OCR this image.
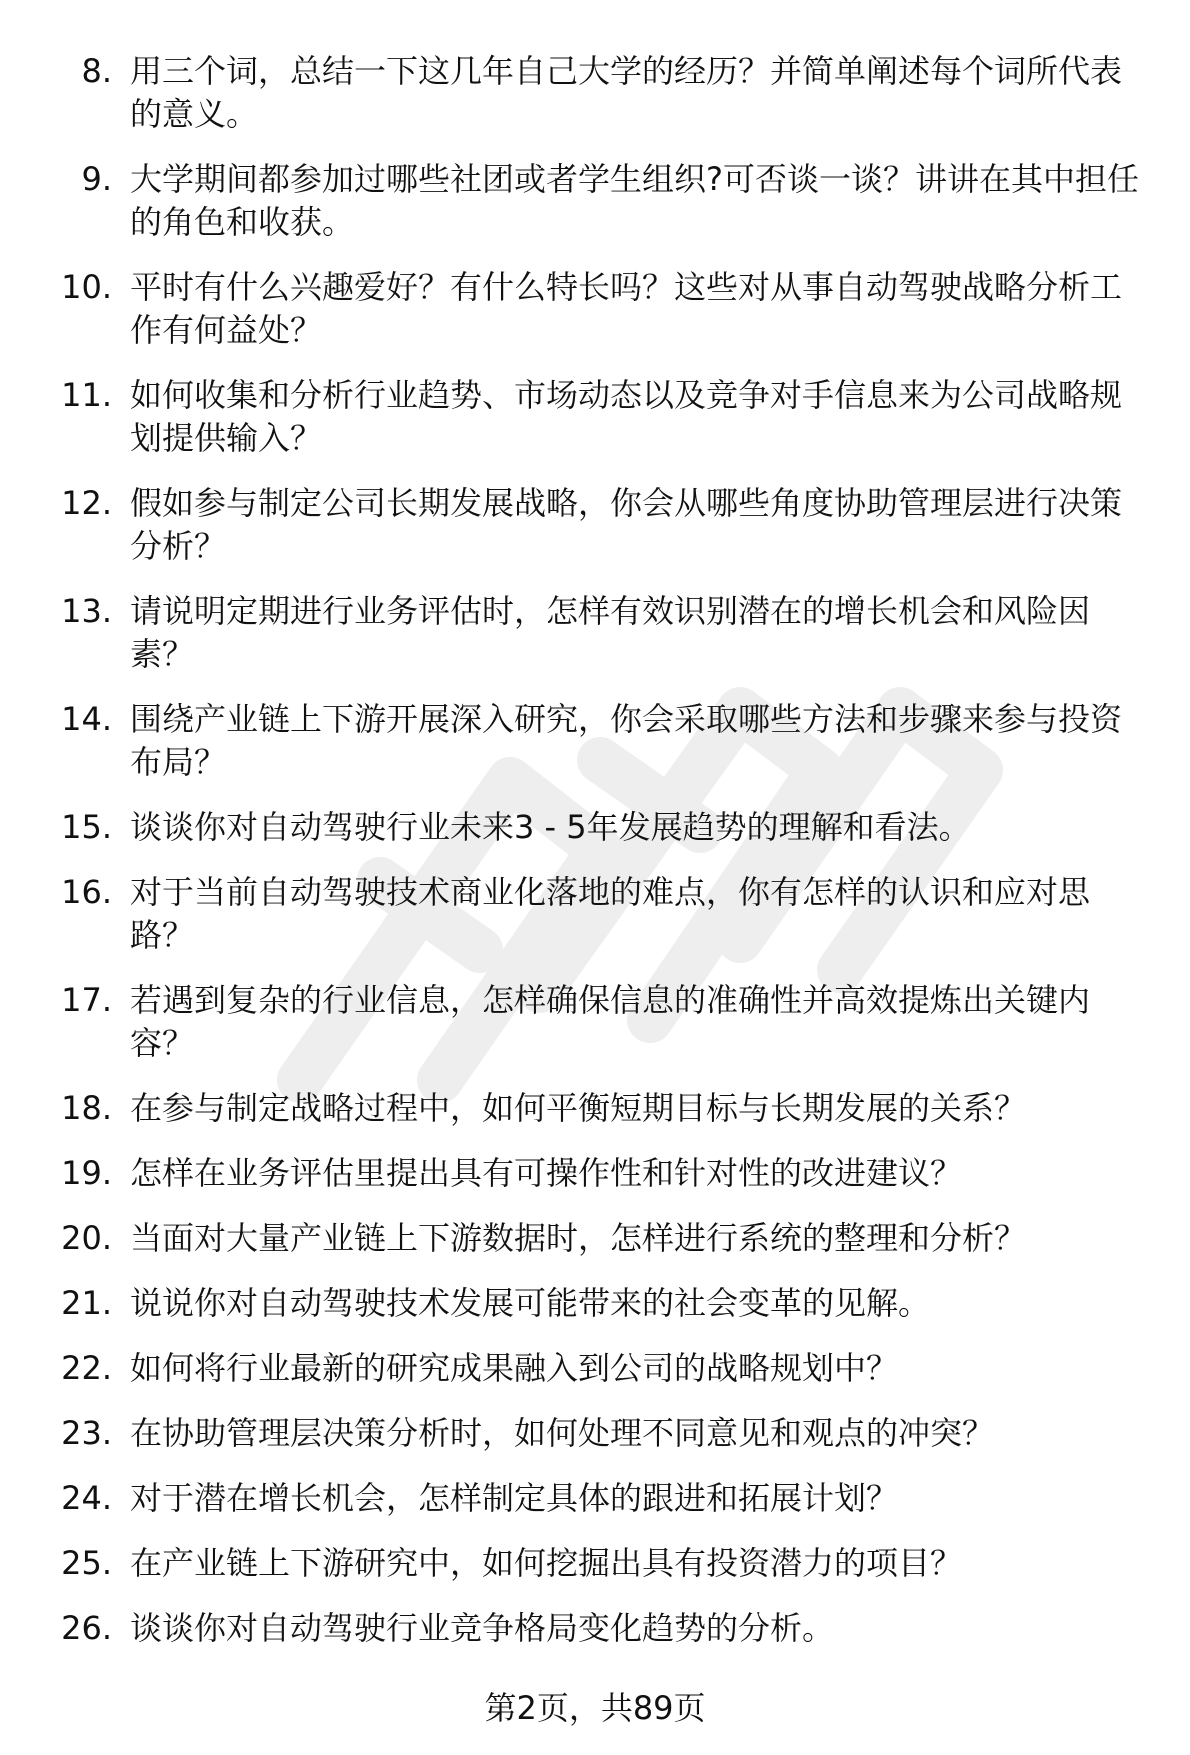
8. 用三个词，总结一下这几年自己大学的经历？并简单阐述每个词所代表的意义。
9. 大学期间都参加过哪些社团或者学生组织?可否谈一谈？讲讲在其中担任的角色和收获。
10. 平时有什么兴趣爱好？有什么特长吗？这些对从事自动驾驶战略分析工作有何益处？
11. 如何收集和分析行业趋势、市场动态以及竞争对手信息来为公司战略规划提供输入？
12. 假如参与制定公司长期发展战略，你会从哪些角度协助管理层进行决策分析？
13. 请说明定期进行业务评估时，怎样有效识别潜在的增长机会和风险因素？
14. 围绕产业链上下游开展深入研究，你会采取哪些方法和步骤来参与投资布局？
15. 谈谈你对自动驾驶行业未来3 - 5年发展趋势的理解和看法。
16. 对于当前自动驾驶技术商业化落地的难点，你有怎样的认识和应对思路？
17. 若遇到复杂的行业信息，怎样确保信息的准确性并高效提炼出关键内容？
18. 在参与制定战略过程中，如何平衡短期目标与长期发展的关系？
19. 怎样在业务评估里提出具有可操作性和针对性的改进建议？
20. 当面对大量产业链上下游数据时，怎样进行系统的整理和分析？
21. 说说你对自动驾驶技术发展可能带来的社会变革的见解。
22. 如何将行业最新的研究成果融入到公司的战略规划中？
23. 在协助管理层决策分析时，如何处理不同意见和观点的冲突？
24. 对于潜在增长机会，怎样制定具体的跟进和拓展计划？
25. 在产业链上下游研究中，如何挖掘出具有投资潜力的项目？
26. 谈谈你对自动驾驶行业竞争格局变化趋势的分析。
第2页，共89页
